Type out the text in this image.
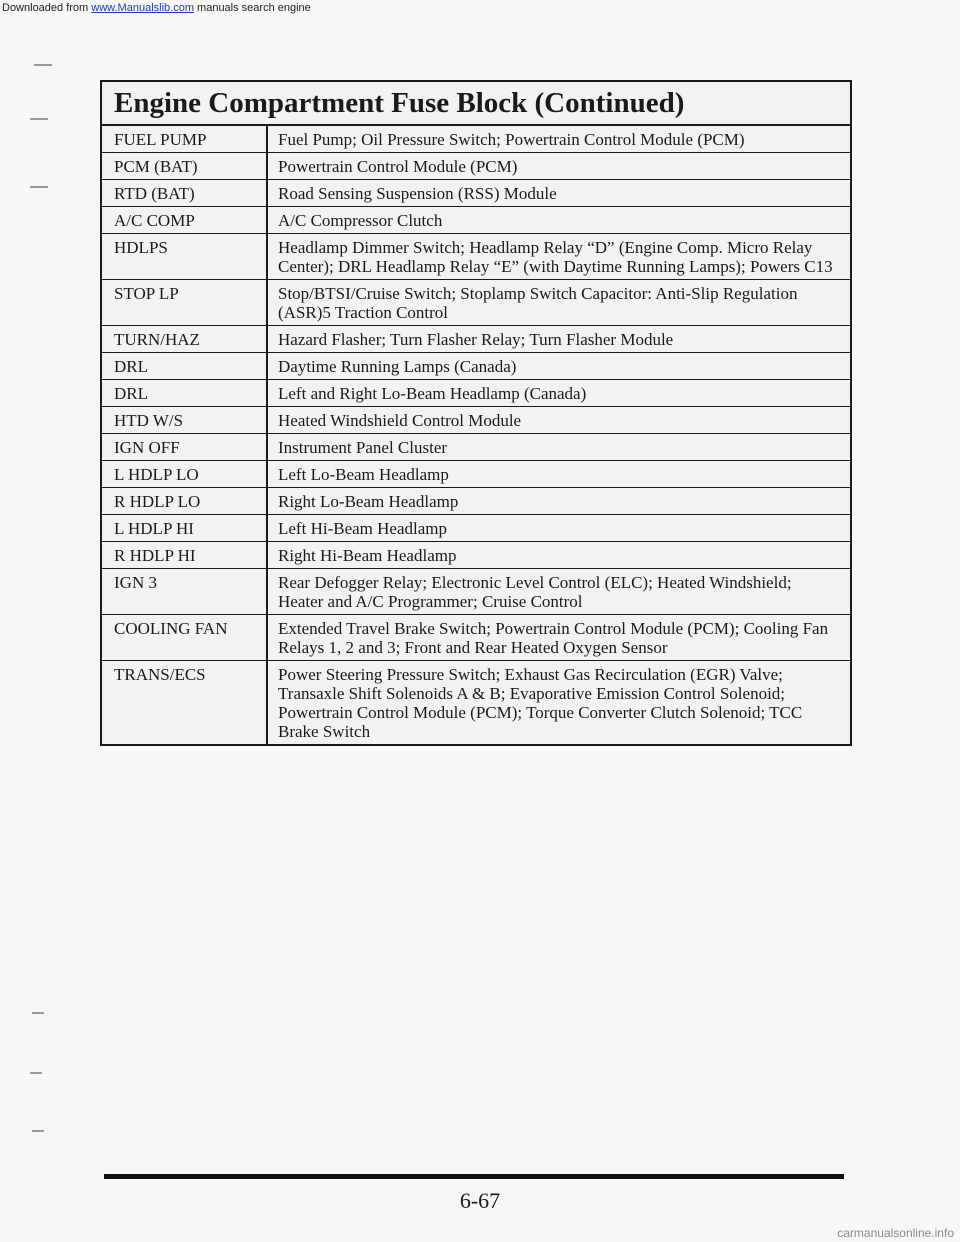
Downloaded from www.Manualslib.com manuals search engine
Engine Compartment Fuse Block (Continued)
FUEL PUMP	Fuel Pump; Oil Pressure Switch; Powertrain Control Module (PCM)
PCM (BAT)	Powertrain Control Module (PCM)
RTD (BAT)	Road Sensing Suspension (RSS) Module
A/C COMP	A/C Compressor Clutch
HDLPS	Headlamp Dimmer Switch; Headlamp Relay “D” (Engine Comp. Micro Relay Center); DRL Headlamp Relay “E” (with Daytime Running Lamps); Powers C13
STOP LP	Stop/BTSI/Cruise Switch; Stoplamp Switch Capacitor: Anti-Slip Regulation (ASR)5 Traction Control
TURN/HAZ	Hazard Flasher; Turn Flasher Relay; Turn Flasher Module
DRL	Daytime Running Lamps (Canada)
DRL	Left and Right Lo-Beam Headlamp (Canada)
HTD W/S	Heated Windshield Control Module
IGN OFF	Instrument Panel Cluster
L HDLP LO	Left Lo-Beam Headlamp
R HDLP LO	Right Lo-Beam Headlamp
L HDLP HI	Left Hi-Beam Headlamp
R HDLP HI	Right Hi-Beam Headlamp
IGN 3	Rear Defogger Relay; Electronic Level Control (ELC); Heated Windshield; Heater and A/C Programmer; Cruise Control
COOLING FAN	Extended Travel Brake Switch; Powertrain Control Module (PCM); Cooling Fan Relays 1, 2 and 3; Front and Rear Heated Oxygen Sensor
TRANS/ECS	Power Steering Pressure Switch; Exhaust Gas Recirculation (EGR) Valve; Transaxle Shift Solenoids A & B; Evaporative Emission Control Solenoid; Powertrain Control Module (PCM); Torque Converter Clutch Solenoid; TCC Brake Switch
6-67
carmanualsonline.info
